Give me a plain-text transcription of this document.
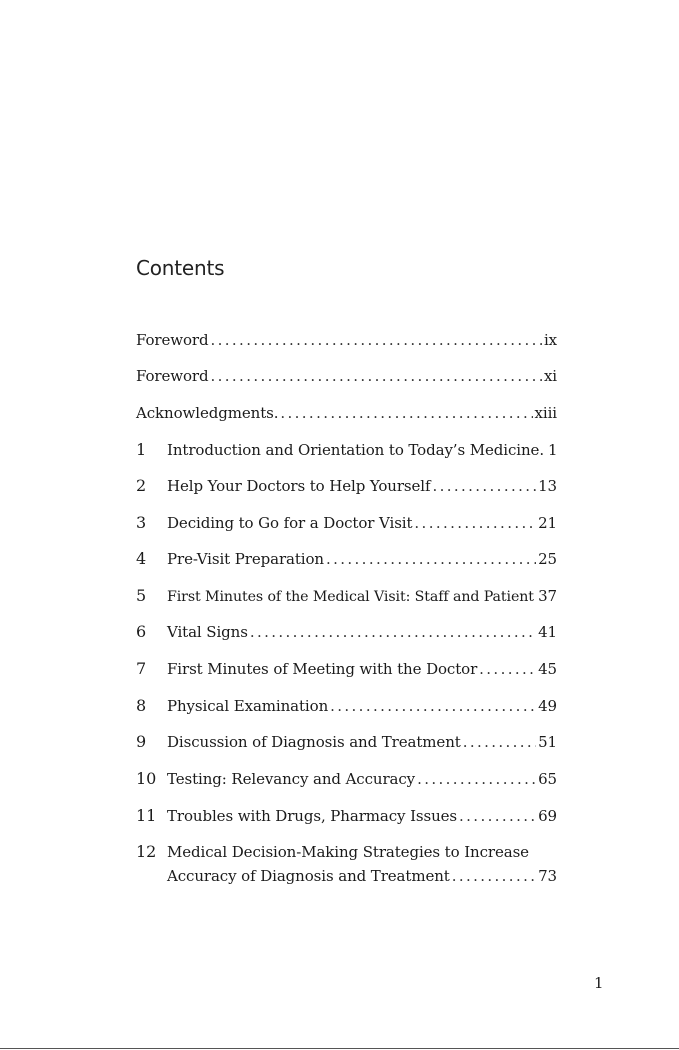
Contents
Foreword . . .	ix
Foreword . . .	xi
Acknowledgments. . . .	xiii
1 Introduction and Orientation to Today’s Medicine. 1
2 Help Your Doctors to Help Yourself . . .	13
3 Deciding to Go for a Doctor Visit . . .	21
4 Pre-Visit Preparation . . .	25
5 First Minutes of the Medical Visit: Staff and Patient . . . 37
6 Vital Signs . . .	41
7 First Minutes of Meeting with the Doctor . . .	45
8 Physical Examination . . .	49
9 Discussion of Diagnosis and Treatment . . .	51
10 Testing: Relevancy and Accuracy . . .	65
11 Troubles with Drugs, Pharmacy Issues . . .	69
12 Medical Decision-Making Strategies to Increase
Accuracy of Diagnosis and Treatment . . .	73
1
